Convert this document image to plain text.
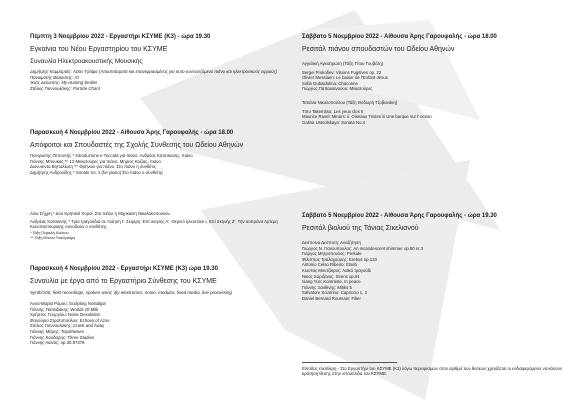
Πέμπτη 3 Νοεμβρίου 2022 - Εργαστήρι ΚΣΥΜΕ (Κ3) - ώρα 19.30
Εγκαίνια του Νέου Εργαστηρίου του ΚΣΥΜΕ
Συναυλία Ηλεκτροακουστικής Μουσικής
Δημήτρης Κομμαρτάς: Λεϊον Τραϊμα (Αποσπάσματα και επανεφρασμένος για αυτο-συντονιζόμενο πιάνο και ηλεκτρονικούς ειρμούς)
Πανοιματής Βελαιστης: ΙΟ
Ίκατς Δεουατης: My Hunting Smiles
Στέλιος Γιαννουλάκης: Particle Chant
Παρασκευή 4 Νοεμβρίου 2022 - Αίθουσα Άρης Γαρουφαλής - ώρα 18.00
Απόφοιτοι και Σπουδαστές της Σχολής Συνθεσης του Ωδείου Αθηνών
Πανιγιώτης Πεπουτής * Introduzione e Toccata για πιάνο. Ανδρέας Κατσσιανης, πιανο
Γιάννης Μπουκας *^ 12 Μινιατούρες για πιάνο, Μηριος Καζίας, πιανο
Διονυσιντα Βηπαλίωτη ^^ Θρήνων για πιάνο. Στο πιάνο η συνθέτις
Δημήτρης Ανδρονίδης * Sonate no. 1 (for piano) Στο πιάνο ο συνθέτης
Λίνα Σήχρη * Δύο Κρητικοί Χοροί. Στο πιάνο η Μηρκαινη Νικολακοπουλου
Ανδρέας Κατσιανης * Τρία τραγούδια σε ποίηση Γ. Σεφέρη: Επί σκηνής Α', Θερινό ηλιοστάσι Ι, Επί σκηνής Ζ'. Την σοπράνο Αρτεμη Κωνσταντουριαης συνοδεύει ο συνθέτης
* Τάξη Περικλή Κοϋκου
^^ Τάξη Θάνου Τσαλιγκάμη
Παρασκευή 4 Νοεμβρίου 2022 - Εργαστήρι ΚΣΥΜΕ (Κ3) ώρα 19.30
Συναυλία με έργα από το Εργαστήριο Σύνθεσης του ΚΣΥΜΕ
Synth/100, field recordings, spoken word, diy electronics, noise, modular, fixed media, live processing
Άννα-Μαρία Ρόμου: Sculpting Nostalgia
Γιάννης Παπαδάκης: Worlds Of Milk
Χρήστος Γεωργίου: Noise Desolation
Φανούρια Στρατοπούλου: Echoes of Azov
Στέλιος Γιαννουλάκης: Crank and Away
Γιάννης Μάρης: Topothesies
Γιάννης Κουδαρης: Three Studies
Γιάννης Λιανός: op.30,97376
Σάββατο 5 Νοεμβρίου 2022 - Αίθουσα Άρης Γαρουφαλής - ώρα 18.00
Ρεσιτάλ πιάνου σπουδαστών του Ωδείου Αθηνών
Αγγελική Αγκιστρώτη (Τάξη Τίτου Γουβέλη)
Sergei Prokofiev: Visions Fugitives op. 22
Olivier Messiaen: Le baiser de l'Enfant-Jésus
Sofia Gubaidulina: Chaconne
Γιώργος Παπαιοανούου: Μινιατούρες
Τατιάνα Νικολοπούλου (Τάξη Θοδωρή Τζοβανάκη)
Tōru Takemitsu: Les yeux clos II
Maurice Ravel: Miroirs: ii. Oiseaux Tristes iii Une barque sur l' océan
Galina Ustvolskaya: Sonata No.4
Σάββατο 5 Νοεμβρίου 2022 - Αίθουσα Άρης Γαρουφαλής - ώρα 19.30
Ρεσιτάλ βιολιού της Τάνιας Σικελιανού
Δεσποινα Δεσποτη: Αναζήτηση
Γιωργος Ν. Γιανουπουλος: An incandescent shimmer op.50 nr.3
Γιάργος Μητροπουλος: Prelude
Φίλιππος Τσαλαχούρης: Erebus op.133
Antonio Celso Ribeiro: Etseb
Κωστας Μουτζίκρος: Λαϊκό τραγούδι
Νικος Χαριζάνος: Sirens op.91
Isang Yun: Kontraste, In peace
Γιάννης Ξανθινης: Mitiks 5
Salvatore Sciarrino: Capriccio 1, 2
Daniel Bernard Roumain: Filter
Είσοδος ελεύθερη - Στο Εργαστήρι του ΚΣΥΜΕ (Κ3) λόγω περιορισμών στον αριθμό των θεσεων χρειάζεται οι ενδιαφερόμενοι να κάνουν κράτηση θέσης στην ιστοσελίδα του ΚΣΥΜΕ.
